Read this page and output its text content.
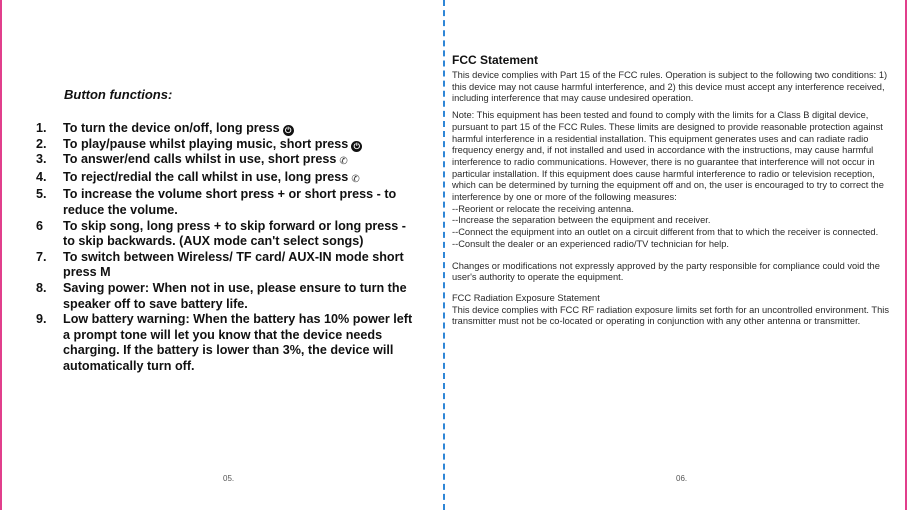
Button functions:
1.	To turn the device on/off, long press ⏻
2.	To play/pause whilst playing music, short press ⏻
3.	To answer/end calls whilst in use, short press ✆
4.	To reject/redial the call whilst in use, long press ✆
5.	To increase the volume short press + or short press - to reduce the volume.
6	To skip song, long press + to skip forward or long press - to skip backwards. (AUX mode can't select songs)
7.	To switch between Wireless/ TF card/ AUX-IN mode short press M
8.	Saving power: When not in use, please ensure to turn the speaker off to save battery life.
9.	Low battery warning: When the battery has 10% power left a prompt tone will let you know that the device needs charging. If the battery is lower than 3%, the device will automatically turn off.
05.
FCC Statement

This device complies with Part 15 of the FCC rules. Operation is subject to the following two conditions: 1) this device may not cause harmful interference, and 2) this device must accept any interference received, including interference that may cause undesired operation.

Note: This equipment has been tested and found to comply with the limits for a Class B digital device, pursuant to part 15 of the FCC Rules. These limits are designed to provide reasonable protection against harmful interference in a residential installation. This equipment generates uses and can radiate radio frequency energy and, if not installed and used in accordance with the instructions, may cause harmful interference to radio communications. However, there is no guarantee that interference will not occur in particular installation. If this equipment does cause harmful interference to radio or television reception, which can be determined by turning the equipment off and on, the user is encouraged to try to correct the interference by one or more of the following measures:

--Reorient or relocate the receiving antenna.

--Increase the separation between the equipment and receiver.

--Connect the equipment into an outlet on a circuit different from that to which the receiver is connected.

--Consult the dealer or an experienced radio/TV technician for help.

Changes or modifications not expressly approved by the party responsible for compliance could void the user's authority to operate the equipment.

FCC Radiation Exposure Statement

This device complies with FCC RF radiation exposure limits set forth for an uncontrolled environment. This transmitter must not be co-located or operating in conjunction with any other antenna or transmitter.

06.
